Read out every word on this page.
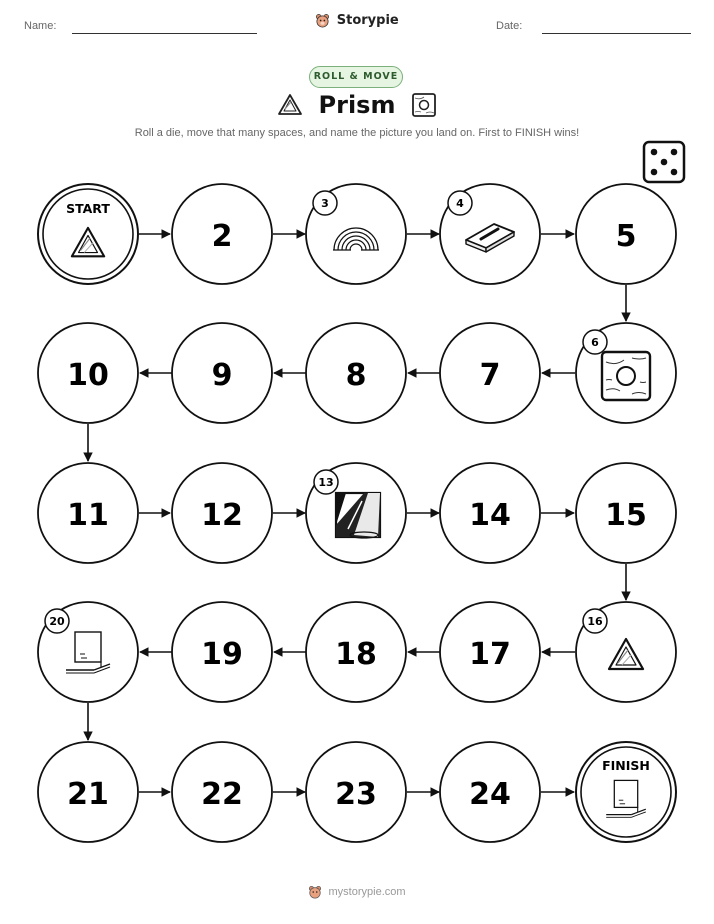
Name:	Storypie	Date:
ROLL & MOVE
Prism
Roll a die, move that many spaces, and name the picture you land on. First to FINISH wins!
START
2
3	4
5
6
7
8
9
10
11	12
13
14	15
16
17
18
19
20
21	22	23	24
FINISH
mystorypie.com
